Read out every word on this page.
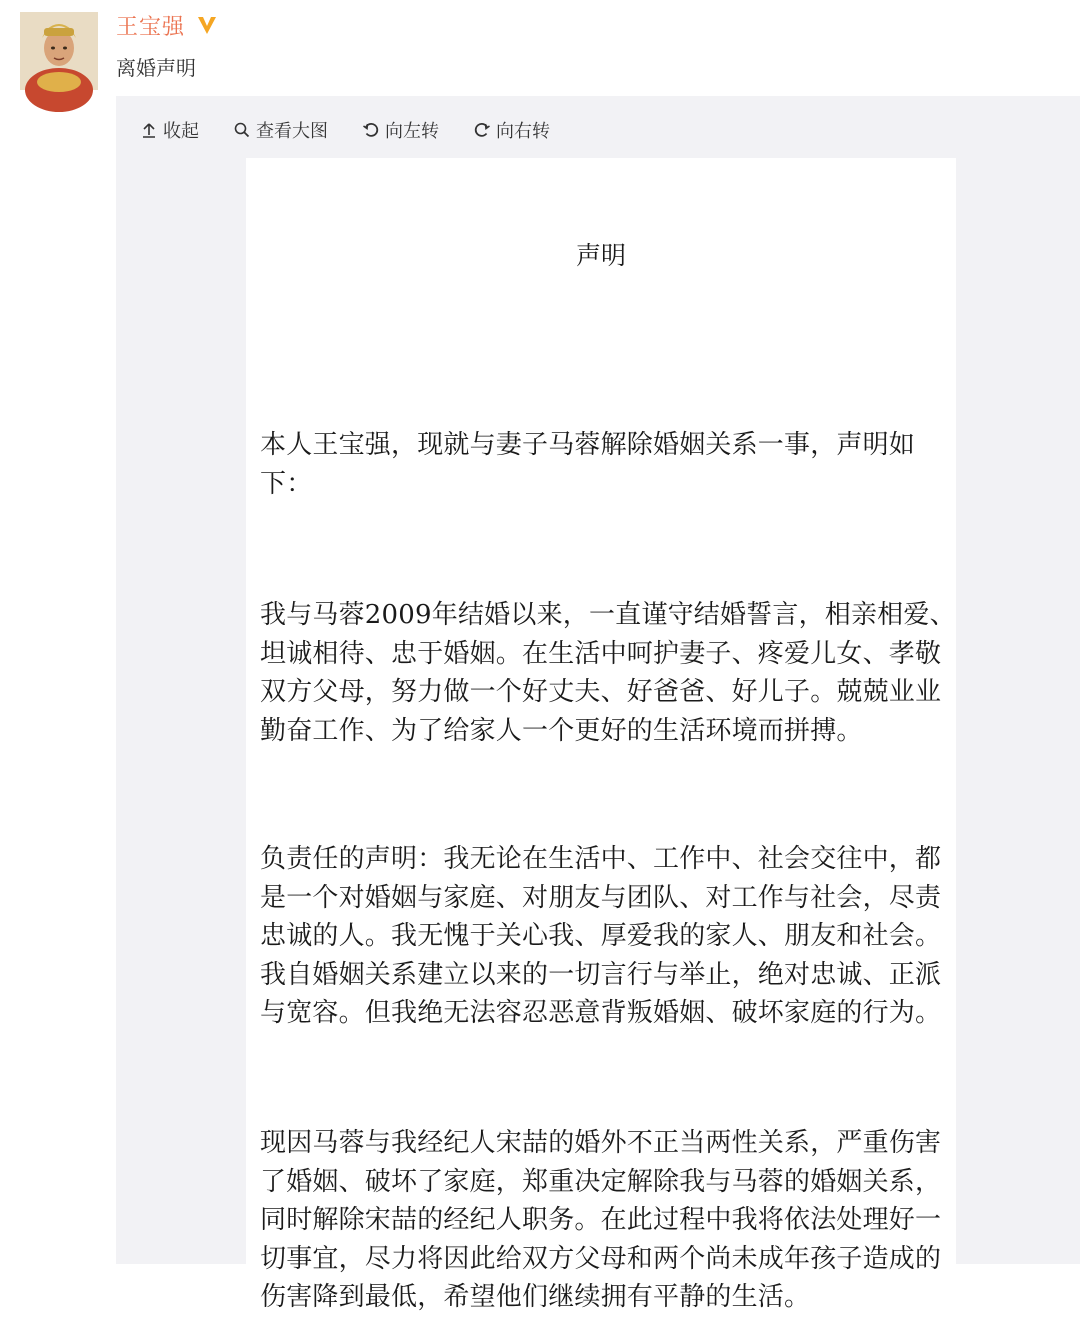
王宝强
离婚声明
收起	查看大图	向左转	向右转
声明
本人王宝强，现就与妻子马蓉解除婚姻关系一事，声明如
下：
我与马蓉2009年结婚以来，一直谨守结婚誓言，相亲相爱、
坦诚相待、忠于婚姻。在生活中呵护妻子、疼爱儿女、孝敬
双方父母，努力做一个好丈夫、好爸爸、好儿子。兢兢业业
勤奋工作、为了给家人一个更好的生活环境而拼搏。
负责任的声明：我无论在生活中、工作中、社会交往中，都
是一个对婚姻与家庭、对朋友与团队、对工作与社会，尽责
忠诚的人。我无愧于关心我、厚爱我的家人、朋友和社会。
我自婚姻关系建立以来的一切言行与举止，绝对忠诚、正派
与宽容。但我绝无法容忍恶意背叛婚姻、破坏家庭的行为。
现因马蓉与我经纪人宋喆的婚外不正当两性关系，严重伤害
了婚姻、破坏了家庭，郑重决定解除我与马蓉的婚姻关系，
同时解除宋喆的经纪人职务。在此过程中我将依法处理好一
切事宜，尽力将因此给双方父母和两个尚未成年孩子造成的
伤害降到最低，希望他们继续拥有平静的生活。
